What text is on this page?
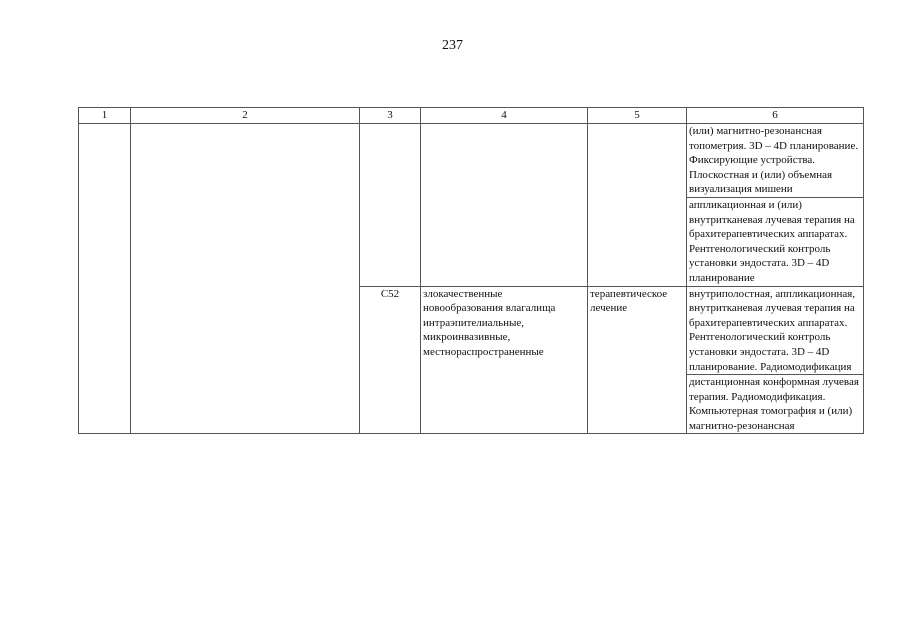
237
1	2	3	4	5	6
					(или) магнитно-резонансная топометрия. 3D – 4D планирование. Фиксирующие устройства. Плоскостная и (или) объемная визуализация мишени
					аппликационная и (или) внутритканевая лучевая терапия на брахитерапевтических аппаратах. Рентгенологический контроль установки эндостата. 3D – 4D планирование
		C52	злокачественные новообразования влагалища интраэпителиальные, микроинвазивные, местнораспространенные	терапевтическое лечение	внутриполостная, аппликационная, внутритканевая лучевая терапия на брахитерапевтических аппаратах. Рентгенологический контроль установки эндостата. 3D – 4D планирование. Радиомодификация
					дистанционная конформная лучевая терапия. Радиомодификация. Компьютерная томография и (или) магнитно-резонансная
